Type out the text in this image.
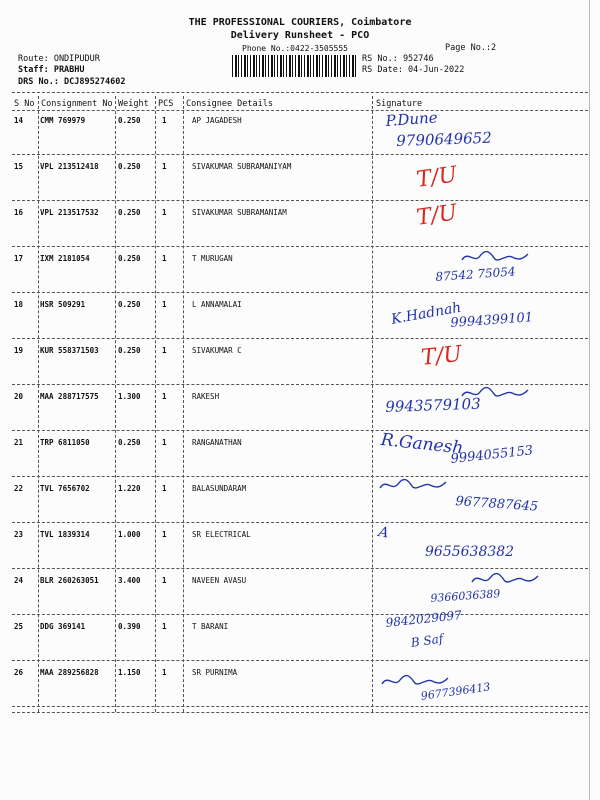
THE PROFESSIONAL COURIERS, Coimbatore
Delivery Runsheet - PCO
Phone No.:0422-3505555
Route: ONDIPUDUR
Staff: PRABHU
DRS No.: DCJ895274602
Page No.:2
RS No.: 952746
RS Date: 04-Jun-2022
S No Consignment No Weight PCS Consignee Details	Signature
14 CMM 769979	0.250	1	AP JAGADESH	P.Dune
9790649652
15 VPL 213512418	0.250	1	SIVAKUMAR SUBRAMANIYAM	T/U
16 VPL 213517532	0.250	1	SIVAKUMAR SUBRAMANIAM	T/U
17 IXM 2181054	0.250	1	T MURUGAN
87542 75054
18 HSR 509291	0.250	1	L ANNAMALAI	K.Hadnah
9994399101
19 KUR 558371503	0.250	1	SIVAKUMAR C	T/U
20 MAA 288717575	1.300	1	RAKESH	9943579103
21 TRP 6811050	0.250	1	RANGANATHAN	R.Ganesh
9994055153
22 TVL 7656702	1.220	1	BALASUNDARAM
9677887645
23 TVL 1839314	1.000	1	SR ELECTRICAL	A
9655638382
24 BLR 260263051	3.400	1	NAVEEN AVASU
9366036389
25 DDG 369141	0.390	1	T BARANI
B Saf
9842029097
26 MAA 289256828	1.150	1	SR PURNIMA
9677396413
